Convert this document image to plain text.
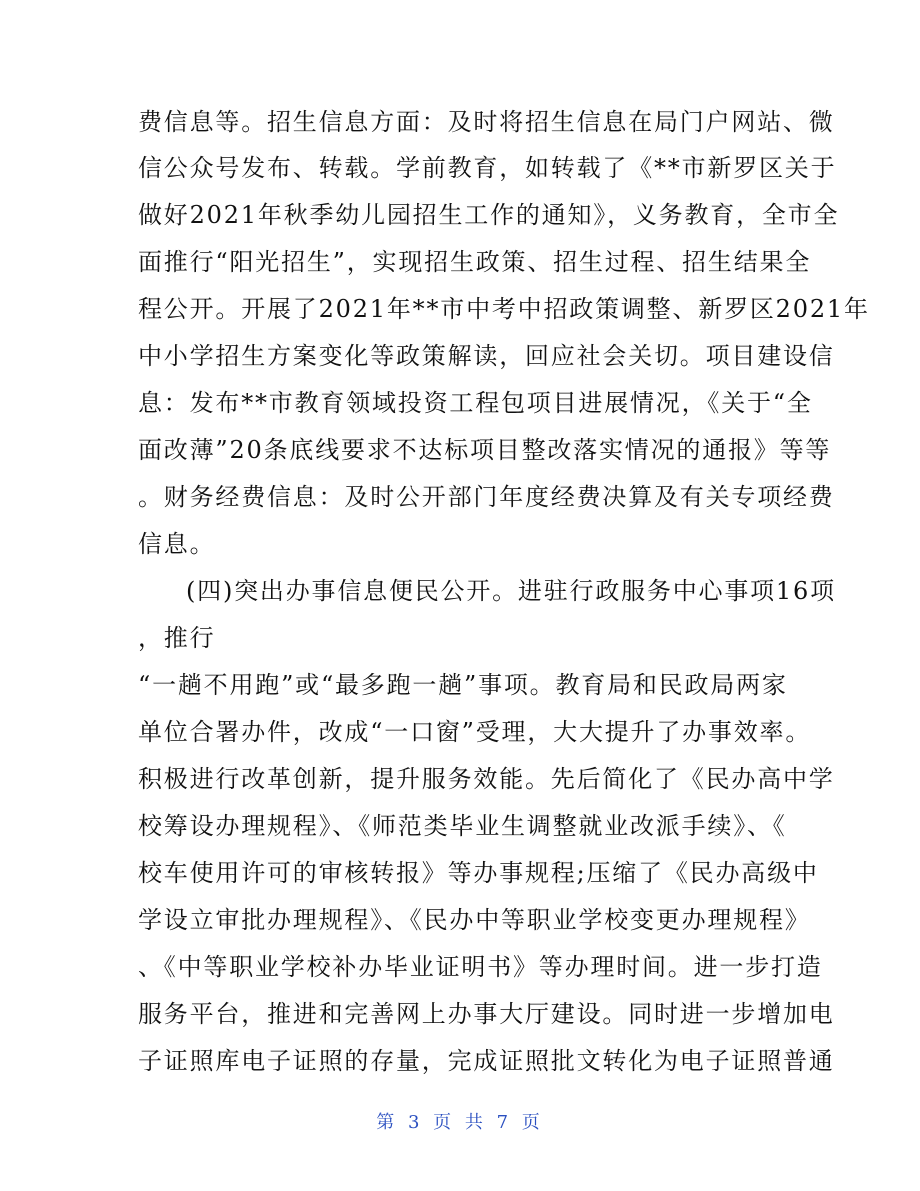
费信息等。招生信息方面：及时将招生信息在局门户网站、微
信公众号发布、转载。学前教育，如转载了《**市新罗区关于
做好2021年秋季幼儿园招生工作的通知》，义务教育，全市全
面推行“阳光招生”，实现招生政策、招生过程、招生结果全
程公开。开展了2021年**市中考中招政策调整、新罗区2021年
中小学招生方案变化等政策解读，回应社会关切。项目建设信
息：发布**市教育领域投资工程包项目进展情况，《关于“全
面改薄”20条底线要求不达标项目整改落实情况的通报》等等
。财务经费信息：及时公开部门年度经费决算及有关专项经费
信息。
(四)突出办事信息便民公开。进驻行政服务中心事项16项
，推行
“一趟不用跑”或“最多跑一趟”事项。教育局和民政局两家
单位合署办件，改成“一口窗”受理，大大提升了办事效率。
积极进行改革创新，提升服务效能。先后简化了《民办高中学
校筹设办理规程》、《师范类毕业生调整就业改派手续》、《
校车使用许可的审核转报》等办事规程;压缩了《民办高级中
学设立审批办理规程》、《民办中等职业学校变更办理规程》
、《中等职业学校补办毕业证明书》等办理时间。进一步打造
服务平台，推进和完善网上办事大厅建设。同时进一步增加电
子证照库电子证照的存量，完成证照批文转化为电子证照普通
第 3 页 共 7 页
